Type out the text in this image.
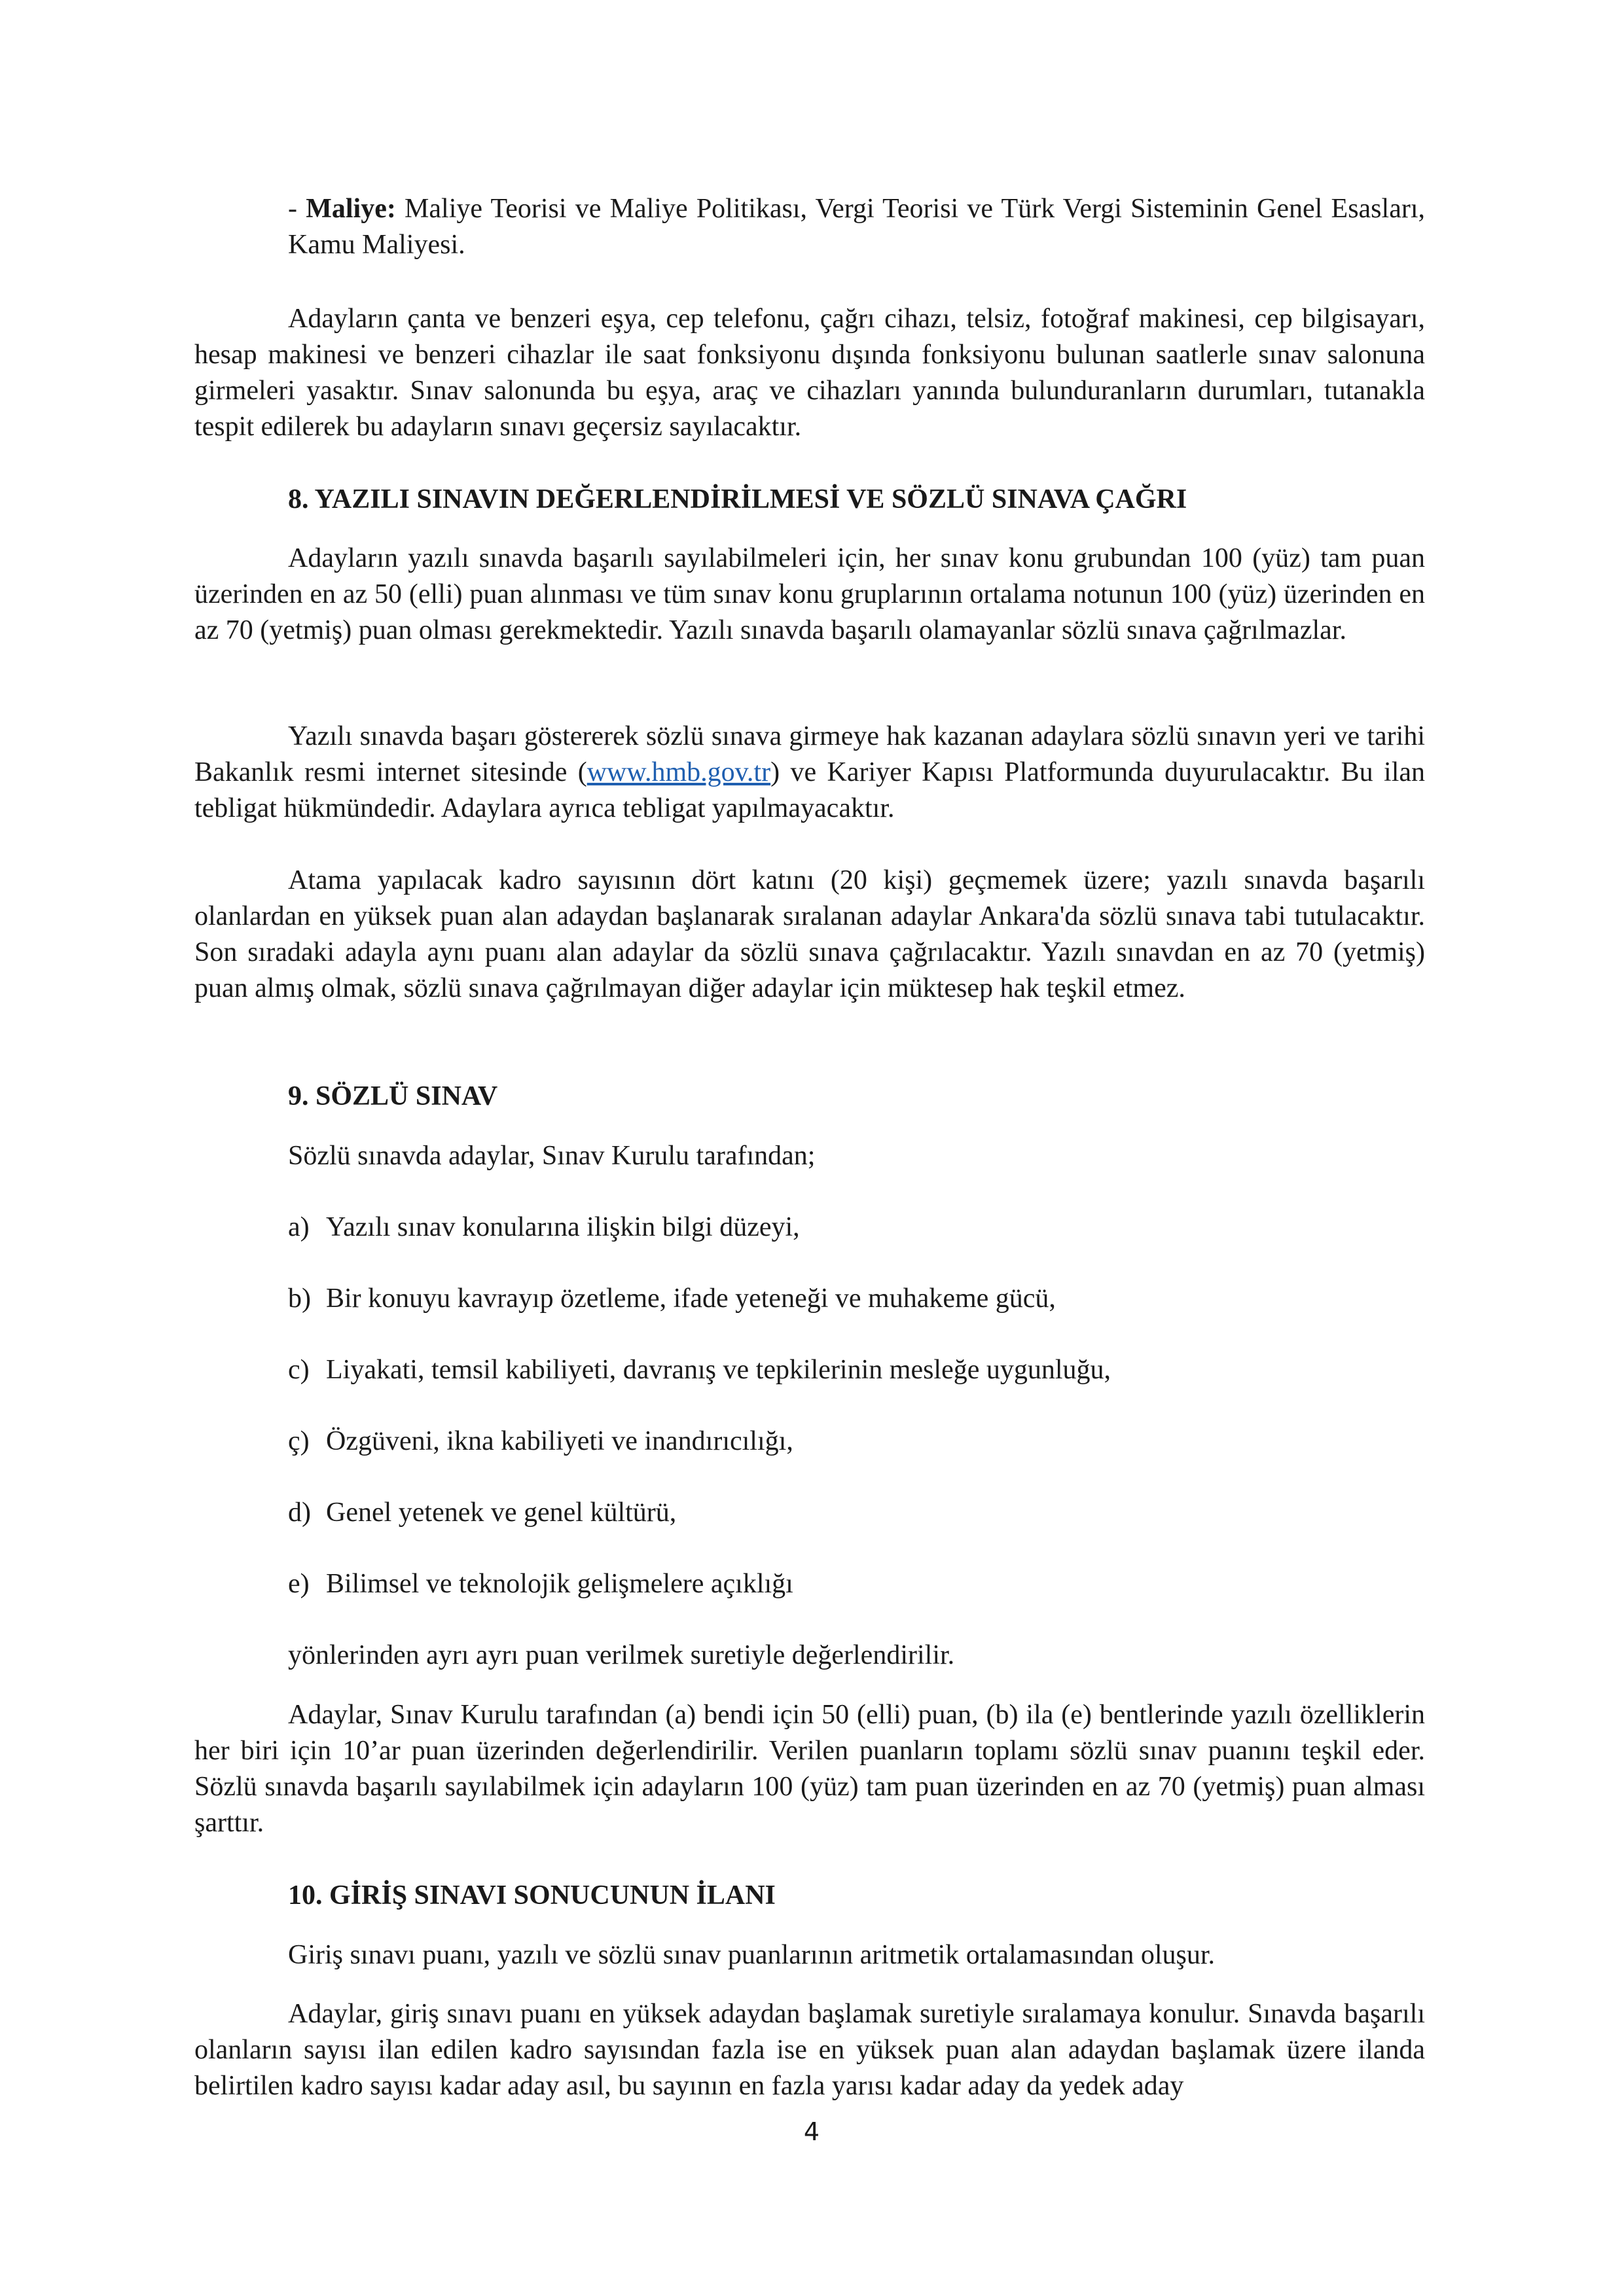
- Maliye: Maliye Teorisi ve Maliye Politikası, Vergi Teorisi ve Türk Vergi Sisteminin Genel Esasları, Kamu Maliyesi.

Adayların çanta ve benzeri eşya, cep telefonu, çağrı cihazı, telsiz, fotoğraf makinesi, cep bilgisayarı, hesap makinesi ve benzeri cihazlar ile saat fonksiyonu dışında fonksiyonu bulunan saatlerle sınav salonuna girmeleri yasaktır. Sınav salonunda bu eşya, araç ve cihazları yanında bulunduranların durumları, tutanakla tespit edilerek bu adayların sınavı geçersiz sayılacaktır.

8. YAZILI SINAVIN DEĞERLENDİRİLMESİ VE SÖZLÜ SINAVA ÇAĞRI

Adayların yazılı sınavda başarılı sayılabilmeleri için, her sınav konu grubundan 100 (yüz) tam puan üzerinden en az 50 (elli) puan alınması ve tüm sınav konu gruplarının ortalama notunun 100 (yüz) üzerinden en az 70 (yetmiş) puan olması gerekmektedir. Yazılı sınavda başarılı olamayanlar sözlü sınava çağrılmazlar.

Yazılı sınavda başarı göstererek sözlü sınava girmeye hak kazanan adaylara sözlü sınavın yeri ve tarihi Bakanlık resmi internet sitesinde (www.hmb.gov.tr) ve Kariyer Kapısı Platformunda duyurulacaktır. Bu ilan tebligat hükmündedir. Adaylara ayrıca tebligat yapılmayacaktır.

Atama yapılacak kadro sayısının dört katını (20 kişi) geçmemek üzere; yazılı sınavda başarılı olanlardan en yüksek puan alan adaydan başlanarak sıralanan adaylar Ankara'da sözlü sınava tabi tutulacaktır. Son sıradaki adayla aynı puanı alan adaylar da sözlü sınava çağrılacaktır. Yazılı sınavdan en az 70 (yetmiş) puan almış olmak, sözlü sınava çağrılmayan diğer adaylar için müktesep hak teşkil etmez.

9. SÖZLÜ SINAV

Sözlü sınavda adaylar, Sınav Kurulu tarafından;

a) Yazılı sınav konularına ilişkin bilgi düzeyi,

b) Bir konuyu kavrayıp özetleme, ifade yeteneği ve muhakeme gücü,

c) Liyakati, temsil kabiliyeti, davranış ve tepkilerinin mesleğe uygunluğu,

ç) Özgüveni, ikna kabiliyeti ve inandırıcılığı,

d) Genel yetenek ve genel kültürü,

e) Bilimsel ve teknolojik gelişmelere açıklığı

yönlerinden ayrı ayrı puan verilmek suretiyle değerlendirilir.

Adaylar, Sınav Kurulu tarafından (a) bendi için 50 (elli) puan, (b) ila (e) bentlerinde yazılı özelliklerin her biri için 10’ar puan üzerinden değerlendirilir. Verilen puanların toplamı sözlü sınav puanını teşkil eder. Sözlü sınavda başarılı sayılabilmek için adayların 100 (yüz) tam puan üzerinden en az 70 (yetmiş) puan alması şarttır.

10. GİRİŞ SINAVI SONUCUNUN İLANI

Giriş sınavı puanı, yazılı ve sözlü sınav puanlarının aritmetik ortalamasından oluşur.

Adaylar, giriş sınavı puanı en yüksek adaydan başlamak suretiyle sıralamaya konulur. Sınavda başarılı olanların sayısı ilan edilen kadro sayısından fazla ise en yüksek puan alan adaydan başlamak üzere ilanda belirtilen kadro sayısı kadar aday asıl, bu sayının en fazla yarısı kadar aday da yedek aday

4
